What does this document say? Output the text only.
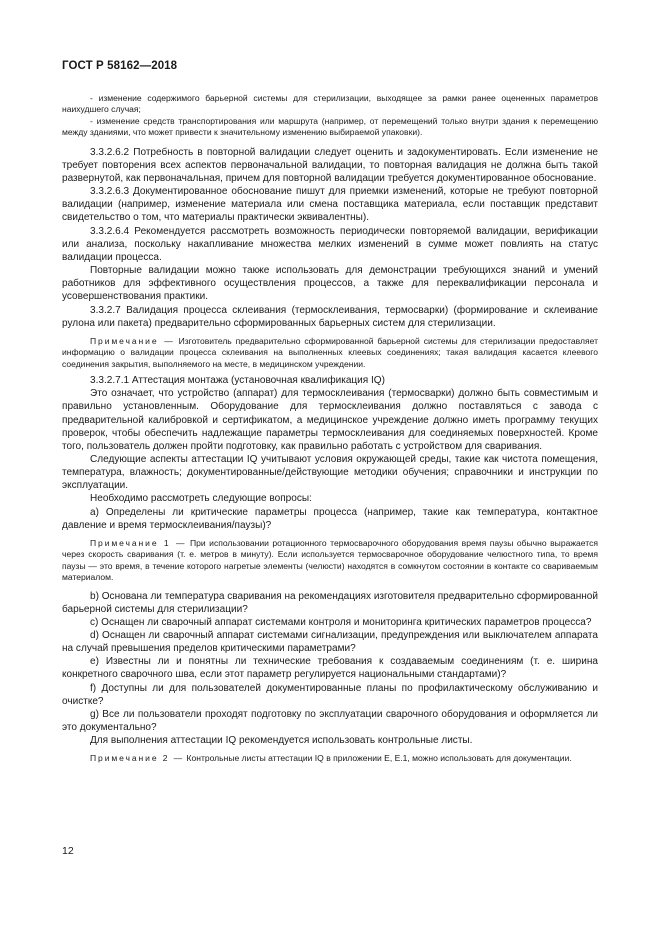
ГОСТ Р 58162—2018

- изменение содержимого барьерной системы для стерилизации, выходящее за рамки ранее оцененных параметров наихудшего случая;

- изменение средств транспортирования или маршрута (например, от перемещений только внутри здания к перемещению между зданиями, что может привести к значительному изменению выбираемой упаковки).

3.3.2.6.2 Потребность в повторной валидации следует оценить и задокументировать. Если изменение не требует повторения всех аспектов первоначальной валидации, то повторная валидация не должна быть такой развернутой, как первоначальная, причем для повторной валидации требуется документированное обоснование.

3.3.2.6.3 Документированное обоснование пишут для приемки изменений, которые не требуют повторной валидации (например, изменение материала или смена поставщика материала, если поставщик представит свидетельство о том, что материалы практически эквивалентны).

3.3.2.6.4 Рекомендуется рассмотреть возможность периодически повторяемой валидации, верификации или анализа, поскольку накапливание множества мелких изменений в сумме может повлиять на статус валидации процесса.

Повторные валидации можно также использовать для демонстрации требующихся знаний и умений работников для эффективного осуществления процессов, а также для переквалификации персонала и усовершенствования практики.

3.3.2.7 Валидация процесса склеивания (термосклеивания, термосварки) (формирование и склеивание рулона или пакета) предварительно сформированных барьерных систем для стерилизации.

Примечание — Изготовитель предварительно сформированной барьерной системы для стерилизации предоставляет информацию о валидации процесса склеивания на выполненных клеевых соединениях; такая валидация касается клеевого соединения закрытия, выполняемого на месте, в медицинском учреждении.

3.3.2.7.1 Аттестация монтажа (установочная квалификация IQ)

Это означает, что устройство (аппарат) для термосклеивания (термосварки) должно быть совместимым и правильно установленным. Оборудование для термосклеивания должно поставляться с завода с предварительной калибровкой и сертификатом, а медицинское учреждение должно иметь программу текущих проверок, чтобы обеспечить надлежащие параметры термосклеивания для соединяемых поверхностей. Кроме того, пользователь должен пройти подготовку, как правильно работать с устройством для сваривания.

Следующие аспекты аттестации IQ учитывают условия окружающей среды, такие как чистота помещения, температура, влажность; документированные/действующие методики обучения; справочники и инструкции по эксплуатации.

Необходимо рассмотреть следующие вопросы:

а) Определены ли критические параметры процесса (например, такие как температура, контактное давление и время термосклеивания/паузы)?

Примечание 1 — При использовании ротационного термосварочного оборудования время паузы обычно выражается через скорость сваривания (т. е. метров в минуту). Если используется термосварочное оборудование челюстного типа, то время паузы — это время, в течение которого нагретые элементы (челюсти) находятся в сомкнутом состоянии в контакте со свариваемым материалом.

b) Основана ли температура сваривания на рекомендациях изготовителя предварительно сформированной барьерной системы для стерилизации?

c) Оснащен ли сварочный аппарат системами контроля и мониторинга критических параметров процесса?

d) Оснащен ли сварочный аппарат системами сигнализации, предупреждения или выключателем аппарата на случай превышения пределов критическими параметрами?

e) Известны ли и понятны ли технические требования к создаваемым соединениям (т. е. ширина конкретного сварочного шва, если этот параметр регулируется национальными стандартами)?

f) Доступны ли для пользователей документированные планы по профилактическому обслуживанию и очистке?

g) Все ли пользователи проходят подготовку по эксплуатации сварочного оборудования и оформляется ли это документально?

Для выполнения аттестации IQ рекомендуется использовать контрольные листы.

Примечание 2 — Контрольные листы аттестации IQ в приложении Е, Е.1, можно использовать для документации.

12
